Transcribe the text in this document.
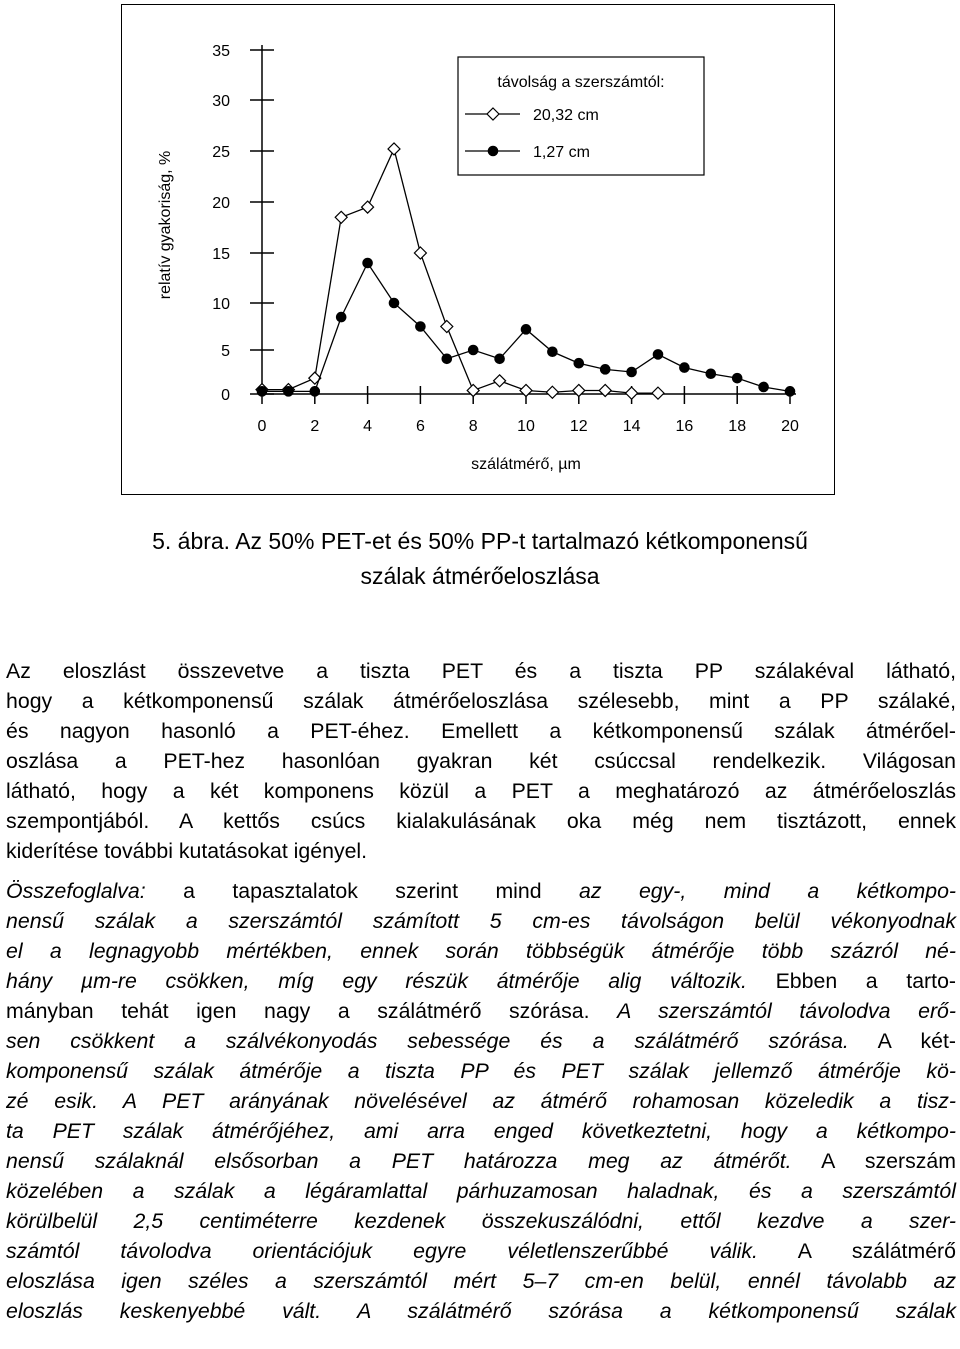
0
5
10
15
20
25
30
35
0	2	4	6	8 10 12 14 16 18 20
szálátmérő, µm
relatív gyakoriság, %
távolság a szerszámtól:
20,32 cm
1,27 cm
5. ábra. Az 50% PET-et és 50% PP-t tartalmazó kétkomponensű
szálak átmérőeloszlása
Az eloszlást összevetve a tiszta PET és a tiszta PP szálakéval látható,
hogy a kétkomponensű szálak átmérőeloszlása szélesebb, mint a PP szálaké,
és nagyon hasonló a PET-éhez. Emellett a kétkomponensű szálak átmérőel-
oszlása a PET-hez hasonlóan gyakran két csúccsal rendelkezik. Világosan
látható, hogy a két komponens közül a PET a meghatározó az átmérőeloszlás
szempontjából. A kettős csúcs kialakulásának oka még nem tisztázott, ennek
kiderítése további kutatásokat igényel.
Összefoglalva: a tapasztalatok szerint mind az egy-, mind a kétkompo-
nensű szálak a szerszámtól számított 5 cm-es távolságon belül vékonyodnak
el a legnagyobb mértékben, ennek során többségük átmérője több százról né-
hány µm-re csökken, míg egy részük átmérője alig változik. Ebben a tarto-
mányban tehát igen nagy a szálátmérő szórása. A szerszámtól távolodva erő-
sen csökkent a szálvékonyodás sebessége és a szálátmérő szórása. A két-
komponensű szálak átmérője a tiszta PP és PET szálak jellemző átmérője kö-
zé esik. A PET arányának növelésével az átmérő rohamosan közeledik a tisz-
ta PET szálak átmérőjéhez, ami arra enged következtetni, hogy a kétkompo-
nensű szálaknál elsősorban a PET határozza meg az átmérőt. A szerszám
közelében a szálak a légáramlattal párhuzamosan haladnak, és a szerszámtól
körülbelül 2,5 centiméterre kezdenek összekuszálódni, ettől kezdve a szer-
számtól távolodva orientációjuk egyre véletlenszerűbbé válik. A szálátmérő
eloszlása igen széles a szerszámtól mért 5–7 cm-en belül, ennél távolabb az
eloszlás keskenyebbé vált. A szálátmérő szórása a kétkomponensű szálak
